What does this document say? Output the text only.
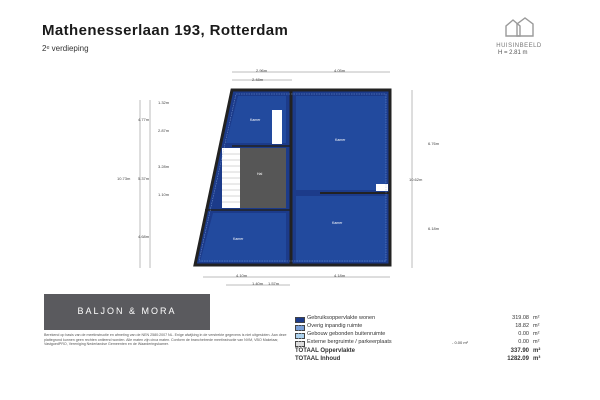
Mathenesserlaan 193, Rotterdam
2ᵉ verdieping	HUISINBEELD
H = 2.81 m
2.96m	4.05m
2.48m
1.32m
4.77m
2.87m
3.28m
5.37m
1.10m
10.73m
4.68m
6.76m
10.62m
6.18m
4.10m	4.18m
1.40m 1.57m
Kamer
Kamer
Hal
Kamer
Kamer
BALJON & MORA
Berekend op basis van de meetinstructie en afmeting van de NEN 2580:2007 NL. Enige afwijking in de verstrekte gegevens is niet uitgesloten. Aan deze plattegrond kunnen geen rechten ontleend worden. Alle maten zijn circa maten. Conform de branchebrede meetinstructie van NVM, VBO Makelaar, VastgoedPRO, Vereniging Nederlandse Gemeenten en de Waarderingskamer.
Gebruiksoppervlakte wonen	319.08 m²
Overig inpandig ruimte	18.82 m²
Gebouw gebonden buitenruimte	0.00 m²
Externe bergruimte / parkeerplaats	- 0.00 m²	0.00 m²
TOTAAL Oppervlakte	337.90 m²
TOTAAL Inhoud	1282.09 m³
